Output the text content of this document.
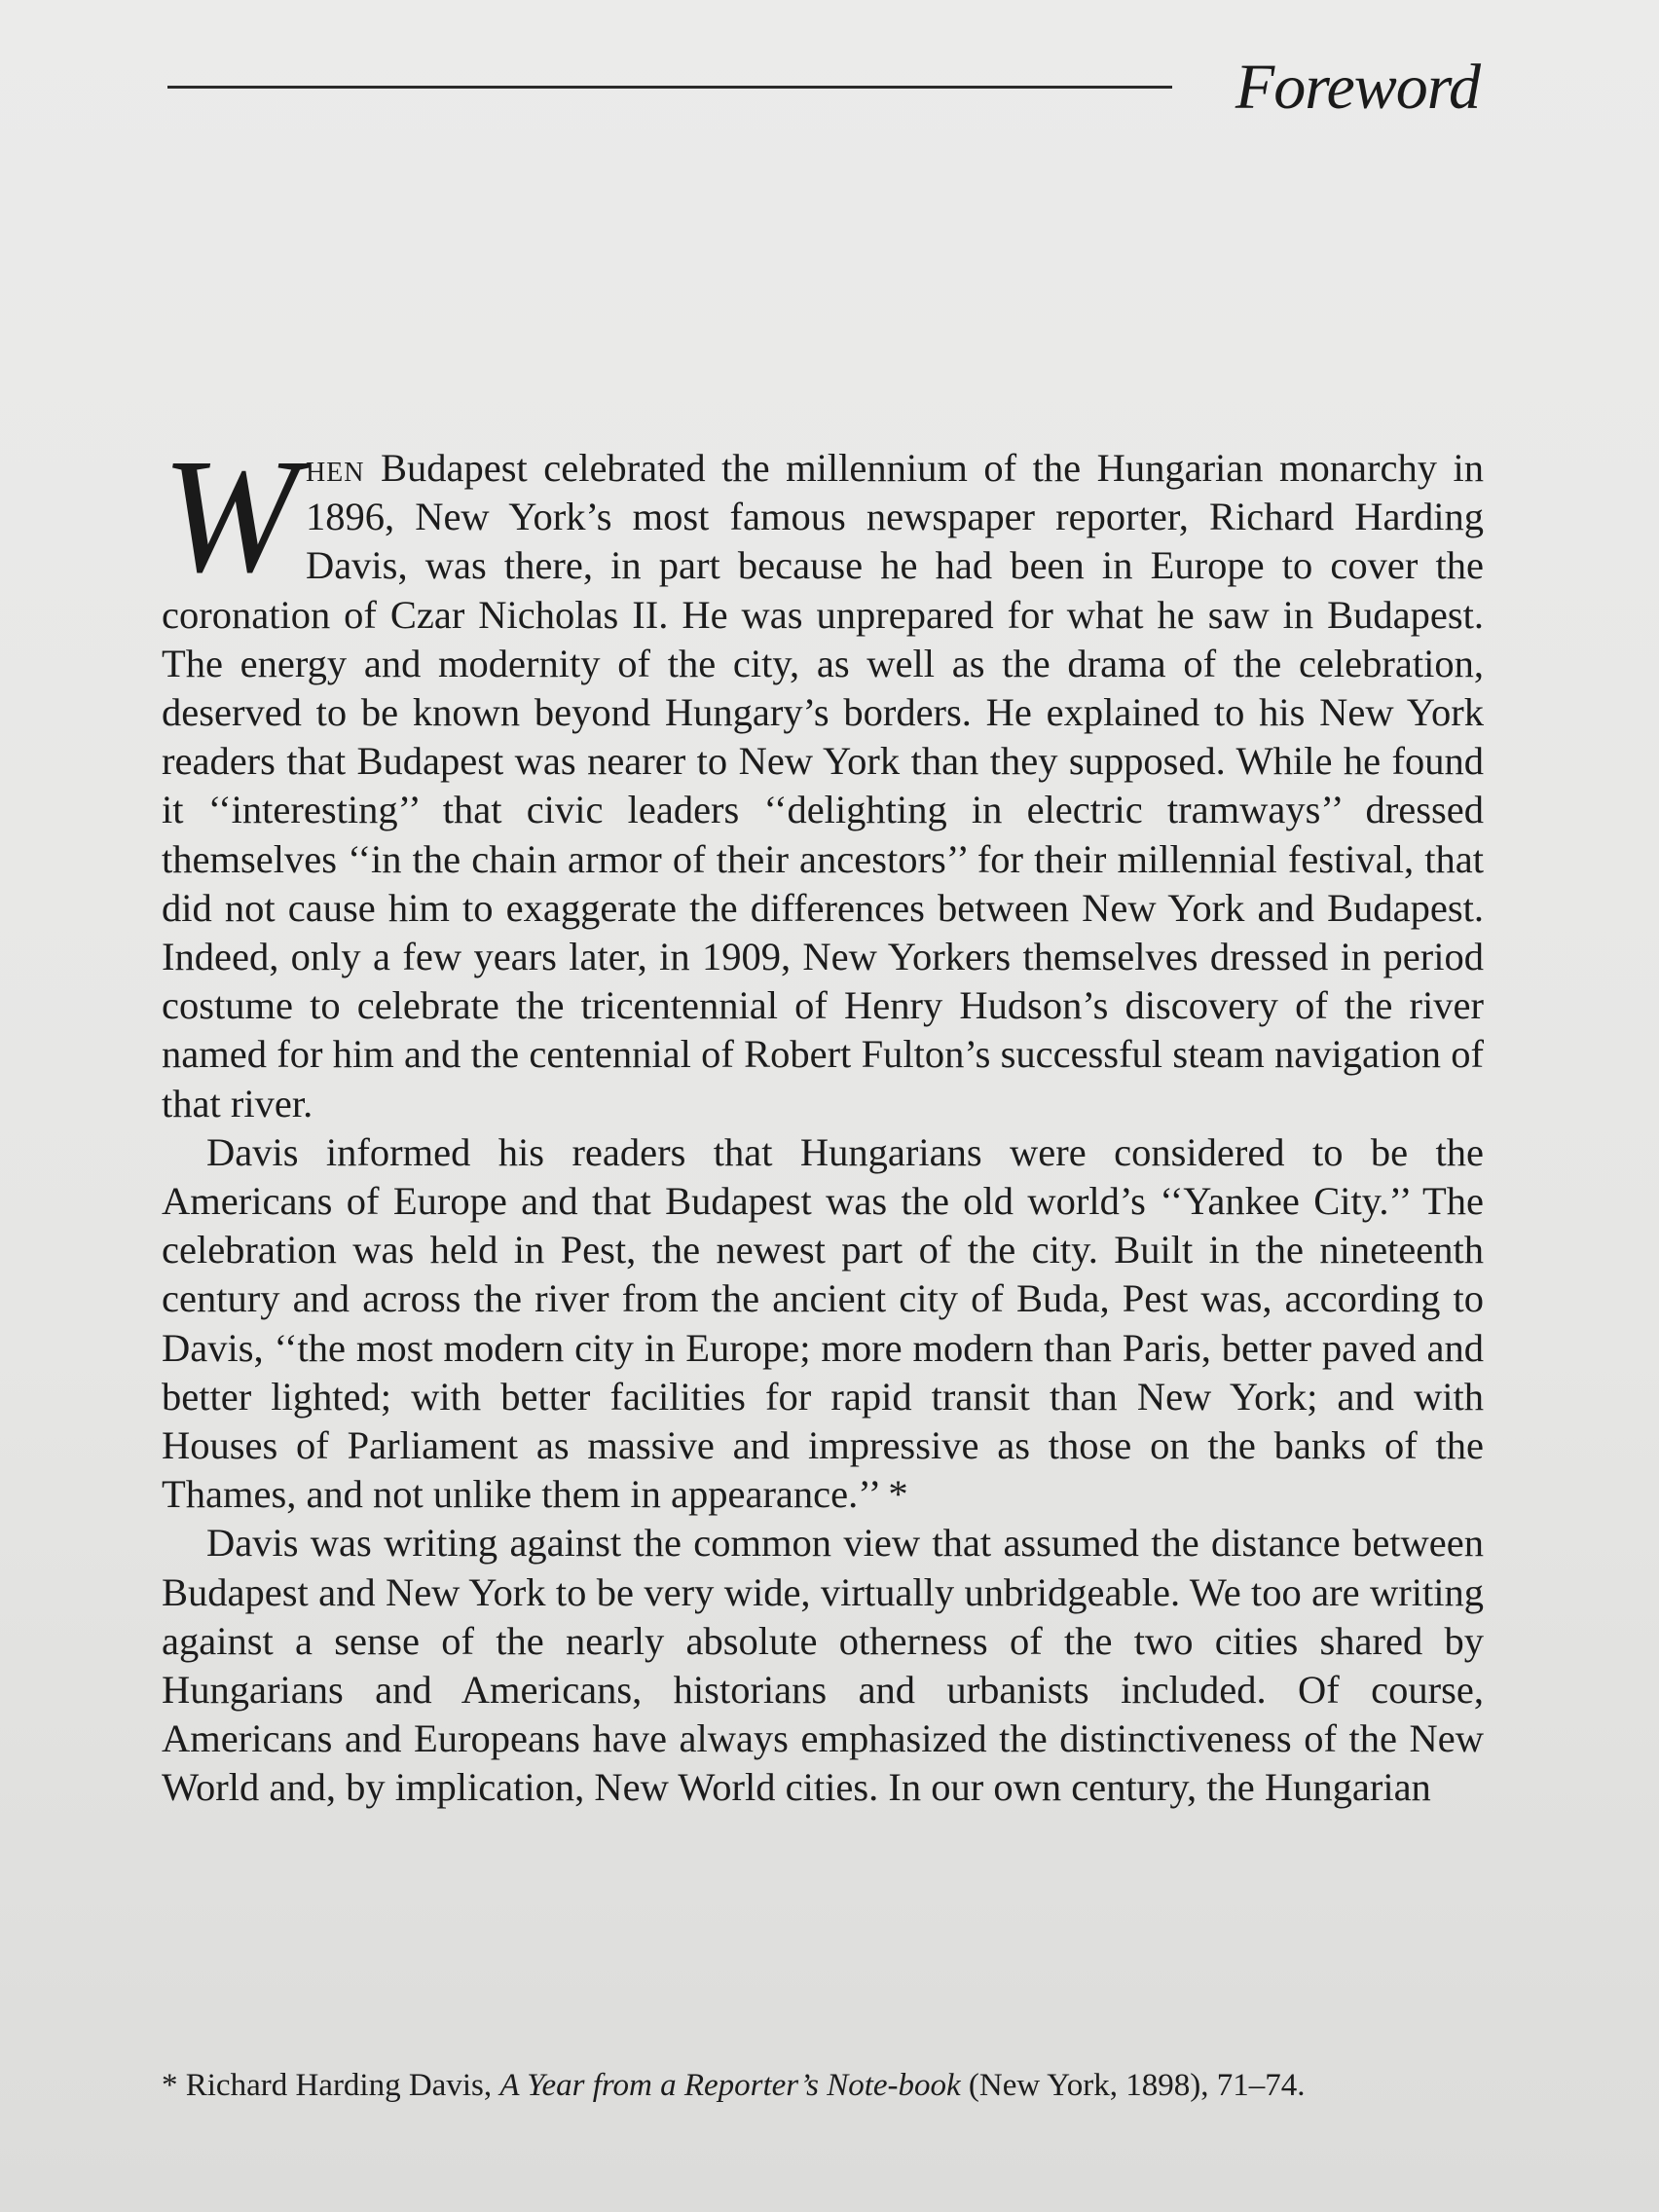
Foreword

When Budapest celebrated the millennium of the Hungarian monarchy in 1896, New York’s most famous newspaper reporter, Richard Harding Davis, was there, in part because he had been in Europe to cover the coronation of Czar Nicholas II. He was unprepared for what he saw in Budapest. The energy and modernity of the city, as well as the drama of the celebration, deserved to be known beyond Hungary’s borders. He explained to his New York readers that Budapest was nearer to New York than they supposed. While he found it ‘‘interesting’’ that civic leaders ‘‘delighting in electric tramways’’ dressed themselves ‘‘in the chain armor of their ancestors’’ for their millennial festival, that did not cause him to exaggerate the differences between New York and Budapest. Indeed, only a few years later, in 1909, New Yorkers themselves dressed in period costume to celebrate the tricentennial of Henry Hudson’s discovery of the river named for him and the centennial of Robert Fulton’s successful steam navigation of that river.

Davis informed his readers that Hungarians were considered to be the Americans of Europe and that Budapest was the old world’s ‘‘Yankee City.’’ The celebration was held in Pest, the newest part of the city. Built in the nineteenth century and across the river from the ancient city of Buda, Pest was, according to Davis, ‘‘the most modern city in Europe; more modern than Paris, better paved and better lighted; with better facilities for rapid transit than New York; and with Houses of Parliament as massive and impressive as those on the banks of the Thames, and not unlike them in appearance.’’ *

Davis was writing against the common view that assumed the distance between Budapest and New York to be very wide, virtually unbridgeable. We too are writing against a sense of the nearly absolute otherness of the two cities shared by Hungarians and Americans, historians and urbanists included. Of course, Americans and Europeans have always emphasized the distinctiveness of the New World and, by implication, New World cities. In our own century, the Hungarian

* Richard Harding Davis, A Year from a Reporter’s Note-book (New York, 1898), 71–74.
